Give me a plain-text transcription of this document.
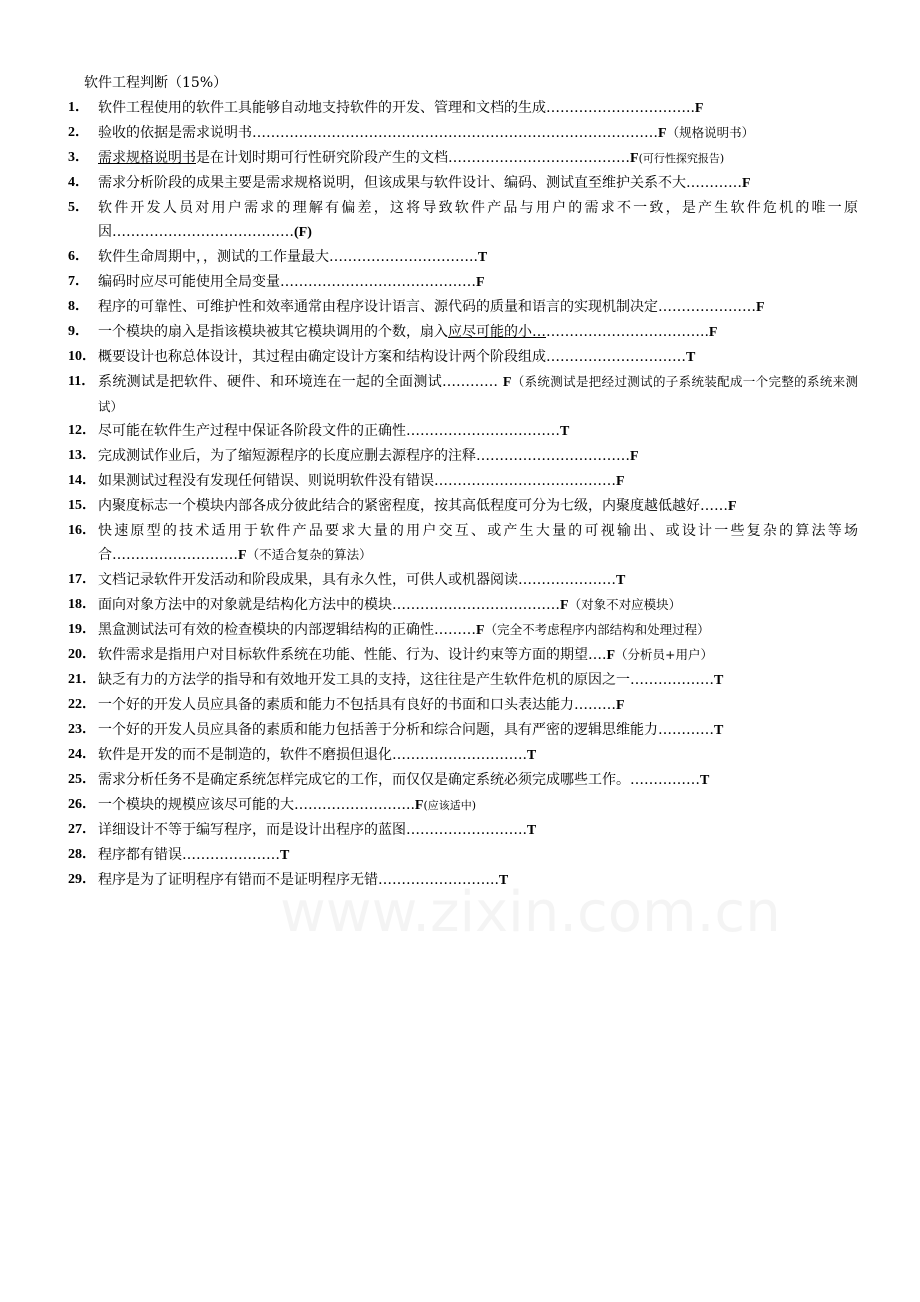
软件工程判断（15%）
1． 软件工程使用的软件工具能够自动地支持软件的开发、管理和文档的生成…………………………..F
2． 验收的依据是需求说明书……………………………………………………………………………F（规格说明书）
3． 需求规格说明书是在计划时期可行性研究阶段产生的文档…………………………………F(可行性探究报告)
4． 需求分析阶段的成果主要是需求规格说明，但该成果与软件设计、编码、测试直至维护关系不大…………F
5． 软件开发人员对用户需求的理解有偏差，这将导致软件产品与用户的需求不一致，是产生软件危机的唯一原因…………………………………(F)
6． 软件生命周期中，，测试的工作量最大…………………………..T
7． 编码时应尽可能使用全局变量……………………………………F
8． 程序的可靠性、可维护性和效率通常由程序设计语言、源代码的质量和语言的实现机制决定…………………F
9． 一个模块的扇入是指该模块被其它模块调用的个数，扇入应尽可能的小………………………………..F
10． 概要设计也称总体设计，其过程由确定设计方案和结构设计两个阶段组成…………………………T
11． 系统测试是把软件、硬件、和环境连在一起的全面测试………… F（系统测试是把经过测试的子系统装配成一个完整的系统来测试）
12． 尽可能在软件生产过程中保证各阶段文件的正确性……………………………T
13． 完成测试作业后，为了缩短源程序的长度应删去源程序的注释……………………………F
14． 如果测试过程没有发现任何错误、则说明软件没有错误…………………………………F
15． 内聚度标志一个模块内部各成分彼此结合的紧密程度，按其高低程度可分为七级，内聚度越低越好……F
16． 快速原型的技术适用于软件产品要求大量的用户交互、或产生大量的可视输出、或设计一些复杂的算法等场合………………………F（不适合复杂的算法）
17． 文档记录软件开发活动和阶段成果，具有永久性，可供人或机器阅读…………………T
18． 面向对象方法中的对象就是结构化方法中的模块………………………………F（对象不对应模块）
19． 黑盒测试法可有效的检查模块的内部逻辑结构的正确性………F（完全不考虑程序内部结构和处理过程）
20． 软件需求是指用户对目标软件系统在功能、性能、行为、设计约束等方面的期望….F（分析员+用户）
21． 缺乏有力的方法学的指导和有效地开发工具的支持，这往往是产生软件危机的原因之一………………T
22． 一个好的开发人员应具备的素质和能力不包括具有良好的书面和口头表达能力………F
23． 一个好的开发人员应具备的素质和能力包括善于分析和综合问题，具有严密的逻辑思维能力…………T
24． 软件是开发的而不是制造的，软件不磨损但退化………………………..T
25． 需求分析任务不是确定系统怎样完成它的工作，而仅仅是确定系统必须完成哪些工作。……………T
26． 一个模块的规模应该尽可能的大……………………..F(应该适中)
27． 详细设计不等于编写程序，而是设计出程序的蓝图……………………..T
28． 程序都有错误…………………T
29． 程序是为了证明程序有错而不是证明程序无错……………………..T
